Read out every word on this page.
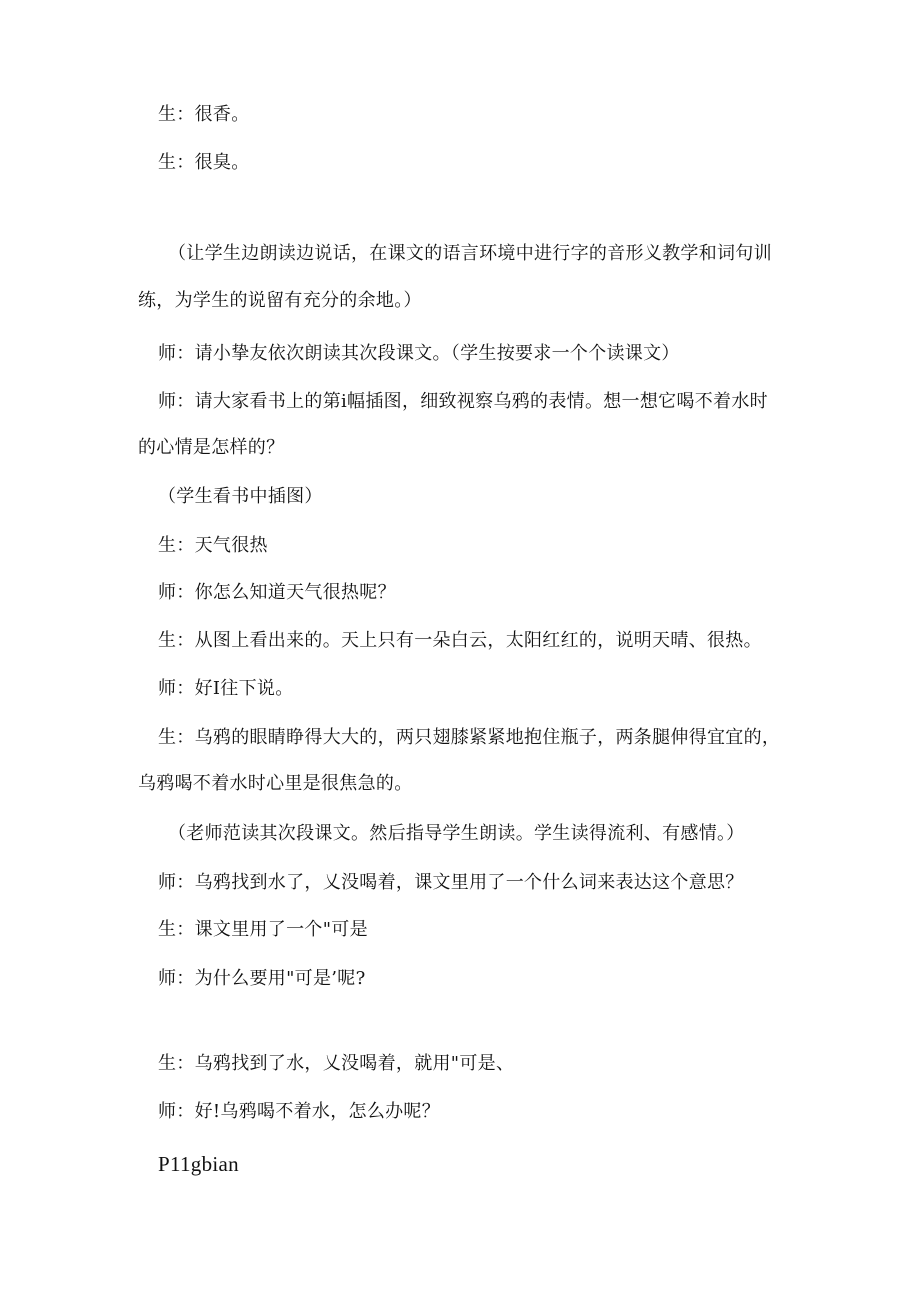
生：很香。
生：很臭。
（让学生边朗读边说话，在课文的语言环境中进行字的音形义教学和词句训
练，为学生的说留有充分的余地。）
师：请小挚友依次朗读其次段课文。（学生按要求一个个读课文）
师：请大家看书上的第i幅插图，细致视察乌鸦的表情。想一想它喝不着水时
的心情是怎样的？
（学生看书中插图）
生：天气很热
师：你怎么知道天气很热呢？
生：从图上看出来的。天上只有一朵白云，太阳红红的，说明天晴、很热。
师：好I往下说。
生：乌鸦的眼睛睁得大大的，两只翅膝紧紧地抱住瓶子，两条腿伸得宜宜的，
乌鸦喝不着水时心里是很焦急的。
（老师范读其次段课文。然后指导学生朗读。学生读得流利、有感情。）
师：乌鸦找到水了，乂没喝着，课文里用了一个什么词来表达这个意思？
生：课文里用了一个"可是
师：为什么要用"可是’呢?
生：乌鸦找到了水，乂没喝着，就用"可是、
师：好!乌鸦喝不着水，怎么办呢？
P11gbian
